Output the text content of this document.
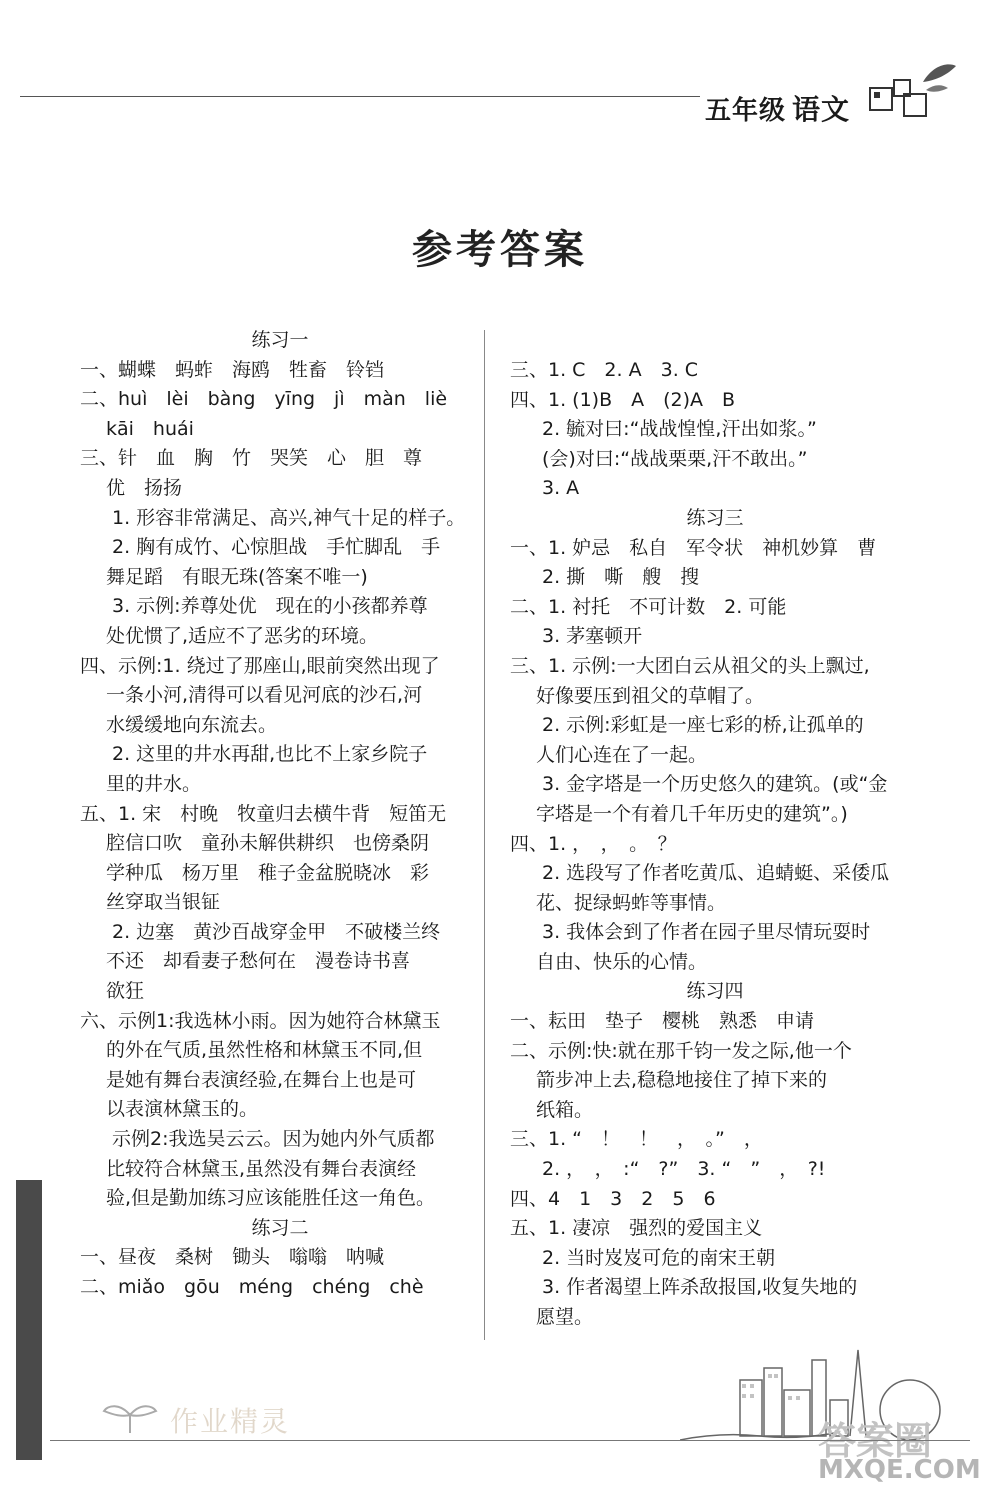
五年级 语文
参考答案
练习一
一、蝴蝶　蚂蚱　海鸥　牲畜　铃铛
二、huì　lèi　bàng　yīng　jì　màn　liè
kāi　huái
三、针　血　胸　竹　哭笑　心　胆　尊
优　扬扬
1. 形容非常满足、高兴,神气十足的样子。
2. 胸有成竹、心惊胆战　手忙脚乱　手
舞足蹈　有眼无珠(答案不唯一)
3. 示例:养尊处优　现在的小孩都养尊
处优惯了,适应不了恶劣的环境。
四、示例:1. 绕过了那座山,眼前突然出现了
一条小河,清得可以看见河底的沙石,河
水缓缓地向东流去。
2. 这里的井水再甜,也比不上家乡院子
里的井水。
五、1. 宋　村晚　牧童归去横牛背　短笛无
腔信口吹　童孙未解供耕织　也傍桑阴
学种瓜　杨万里　稚子金盆脱晓冰　彩
丝穿取当银钲
2. 边塞　黄沙百战穿金甲　不破楼兰终
不还　却看妻子愁何在　漫卷诗书喜
欲狂
六、示例1:我选林小雨。因为她符合林黛玉
的外在气质,虽然性格和林黛玉不同,但
是她有舞台表演经验,在舞台上也是可
以表演林黛玉的。
示例2:我选吴云云。因为她内外气质都
比较符合林黛玉,虽然没有舞台表演经
验,但是勤加练习应该能胜任这一角色。
练习二
一、昼夜　桑树　锄头　嗡嗡　呐喊
二、miǎo　gōu　méng　chéng　chè
三、1. C　2. A　3. C
四、1. (1)B　A　(2)A　B
2. 毓对曰:“战战惶惶,汗出如浆。”
(会)对曰:“战战栗栗,汗不敢出。”
3. A
练习三
一、1. 妒忌　私自　军令状　神机妙算　曹
2. 撕　嘶　艘　搜
二、1. 衬托　不可计数　2. 可能
3. 茅塞顿开
三、1. 示例:一大团白云从祖父的头上飘过,
好像要压到祖父的草帽了。
2. 示例:彩虹是一座七彩的桥,让孤单的
人们心连在了一起。
3. 金字塔是一个历史悠久的建筑。(或“金
字塔是一个有着几千年历史的建筑”。)
四、1. ，　，　。　？
2. 选段写了作者吃黄瓜、追蜻蜓、采倭瓜
花、捉绿蚂蚱等事情。
3. 我体会到了作者在园子里尽情玩耍时
自由、快乐的心情。
练习四
一、耘田　垫子　樱桃　熟悉　申请
二、示例:快:就在那千钧一发之际,他一个
箭步冲上去,稳稳地接住了掉下来的
纸箱。
三、1. “　！　！　，　。”　，
2. ，　，　:“　?”　3. “　”　，　?!
四、4　1　3　2　5　6
五、1. 凄凉　强烈的爱国主义
2. 当时岌岌可危的南宋王朝
3. 作者渴望上阵杀敌报国,收复失地的
愿望。
作业精灵	答案圈
MXQE.COM
